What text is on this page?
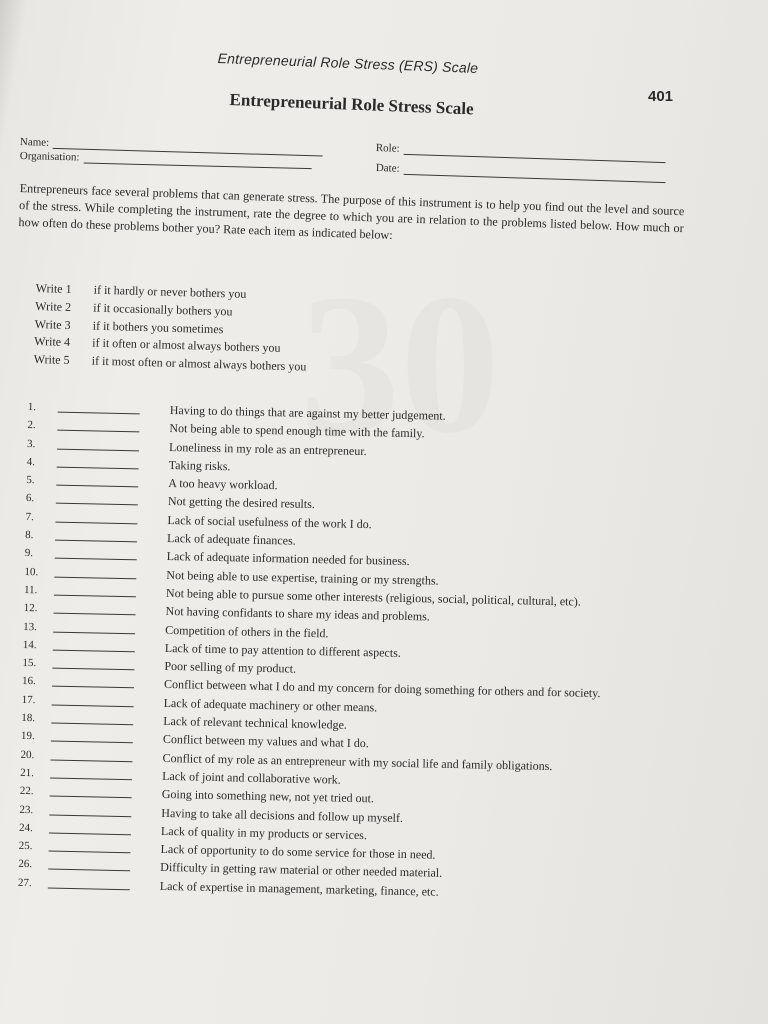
Entrepreneurial Role Stress (ERS) Scale
401
Entrepreneurial Role Stress Scale
Name:
Organisation:
Role:
Date:
Entrepreneurs face several problems that can generate stress. The purpose of this instrument is to help you find out the level and source of the stress. While completing the instrument, rate the degree to which you are in relation to the problems listed below. How much or how often do these problems bother you? Rate each item as indicated below:
Write 1	if it hardly or never bothers you
Write 2	if it occasionally bothers you
Write 3	if it bothers you sometimes
Write 4	if it often or almost always bothers you
Write 5	if it most often or almost always bothers you
1.	Having to do things that are against my better judgement.
2.	Not being able to spend enough time with the family.
3.	Loneliness in my role as an entrepreneur.
4.	Taking risks.
5.	A too heavy workload.
6.	Not getting the desired results.
7.	Lack of social usefulness of the work I do.
8.	Lack of adequate finances.
9.	Lack of adequate information needed for business.
10.	Not being able to use expertise, training or my strengths.
11.	Not being able to pursue some other interests (religious, social, political, cultural, etc).
12.	Not having confidants to share my ideas and problems.
13.	Competition of others in the field.
14.	Lack of time to pay attention to different aspects.
15.	Poor selling of my product.
16.	Conflict between what I do and my concern for doing something for others and for society.
17.	Lack of adequate machinery or other means.
18.	Lack of relevant technical knowledge.
19.	Conflict between my values and what I do.
20.	Conflict of my role as an entrepreneur with my social life and family obligations.
21.	Lack of joint and collaborative work.
22.	Going into something new, not yet tried out.
23.	Having to take all decisions and follow up myself.
24.	Lack of quality in my products or services.
25.	Lack of opportunity to do some service for those in need.
26.	Difficulty in getting raw material or other needed material.
27.	Lack of expertise in management, marketing, finance, etc.
